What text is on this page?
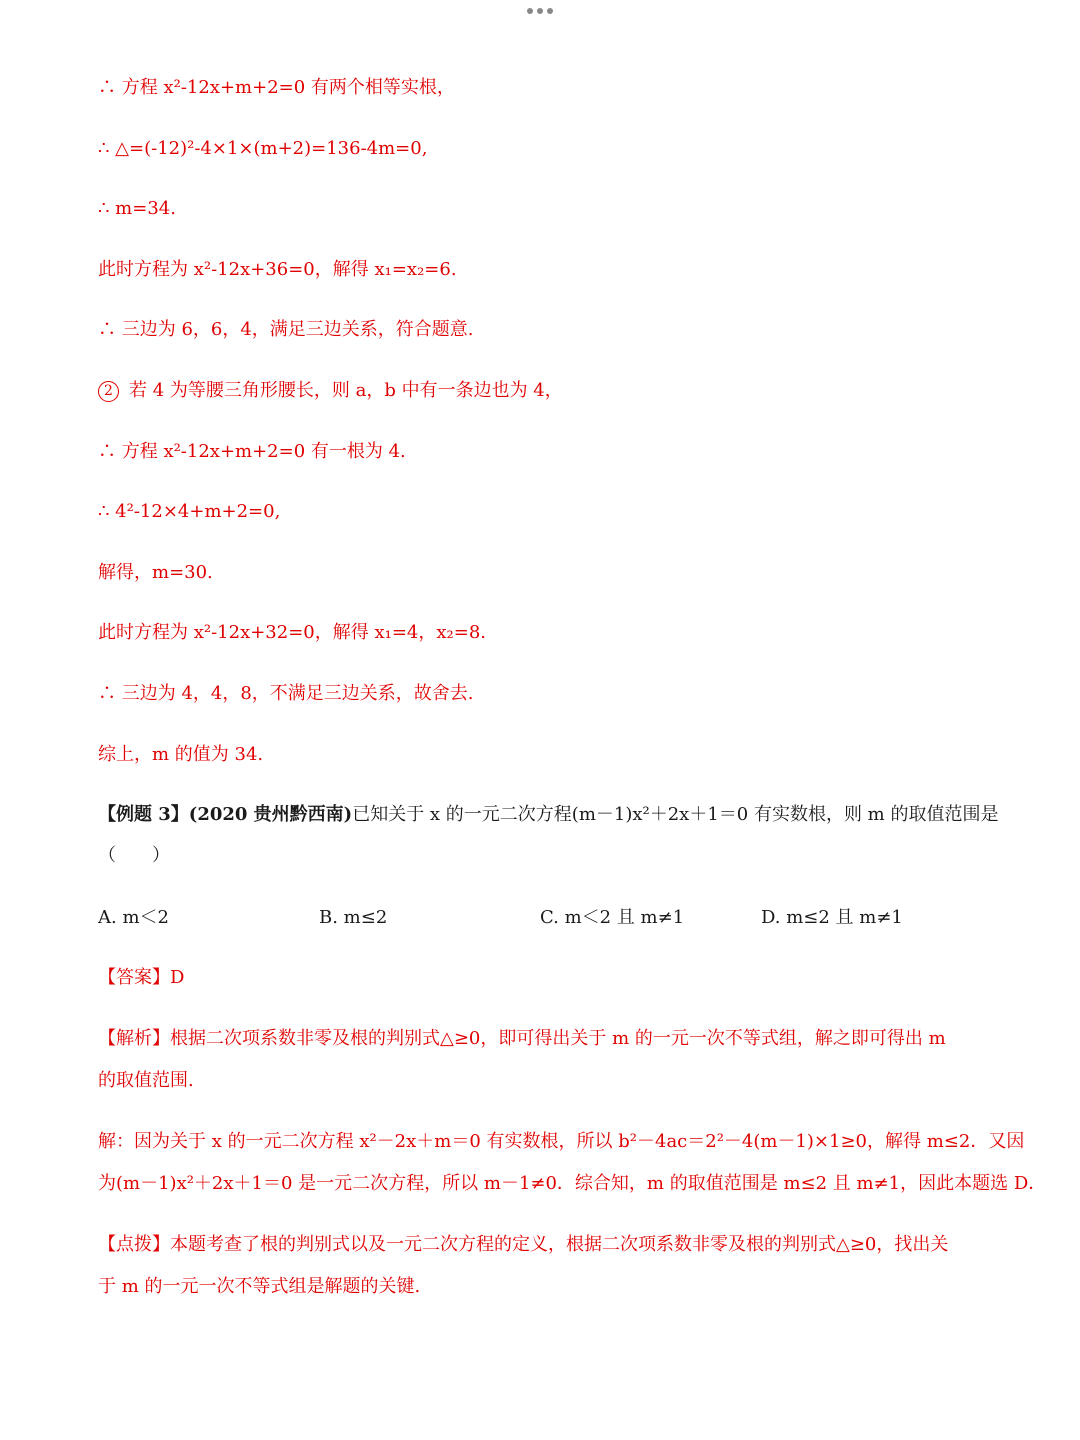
∴ 方程 x²-12x+m+2=0 有两个相等实根，
∴ △=(-12)²-4×1×(m+2)=136-4m=0,
∴ m=34.
此时方程为 x²-12x+36=0，解得 x₁=x₂=6.
∴ 三边为 6，6，4，满足三边关系，符合题意.
2 若 4 为等腰三角形腰长，则 a，b 中有一条边也为 4，
∴ 方程 x²-12x+m+2=0 有一根为 4.
∴ 4²-12×4+m+2=0,
解得，m=30.
此时方程为 x²-12x+32=0，解得 x₁=4，x₂=8.
∴ 三边为 4，4，8，不满足三边关系，故舍去.
综上，m 的值为 34.
【例题 3】(2020 贵州黔西南)已知关于 x 的一元二次方程(m－1)x²＋2x＋1＝0 有实数根，则 m 的取值范围是
（　　）
A. m＜2	B. m≤2	C. m＜2 且 m≠1	D. m≤2 且 m≠1
【答案】D
【解析】根据二次项系数非零及根的判别式△≥0，即可得出关于 m 的一元一次不等式组，解之即可得出 m
的取值范围.
解：因为关于 x 的一元二次方程 x²－2x＋m＝0 有实数根，所以 b²－4ac＝2²－4(m－1)×1≥0，解得 m≤2．又因
为(m－1)x²＋2x＋1＝0 是一元二次方程，所以 m－1≠0．综合知，m 的取值范围是 m≤2 且 m≠1，因此本题选 D．
【点拨】本题考查了根的判别式以及一元二次方程的定义，根据二次项系数非零及根的判别式△≥0，找出关
于 m 的一元一次不等式组是解题的关键.
